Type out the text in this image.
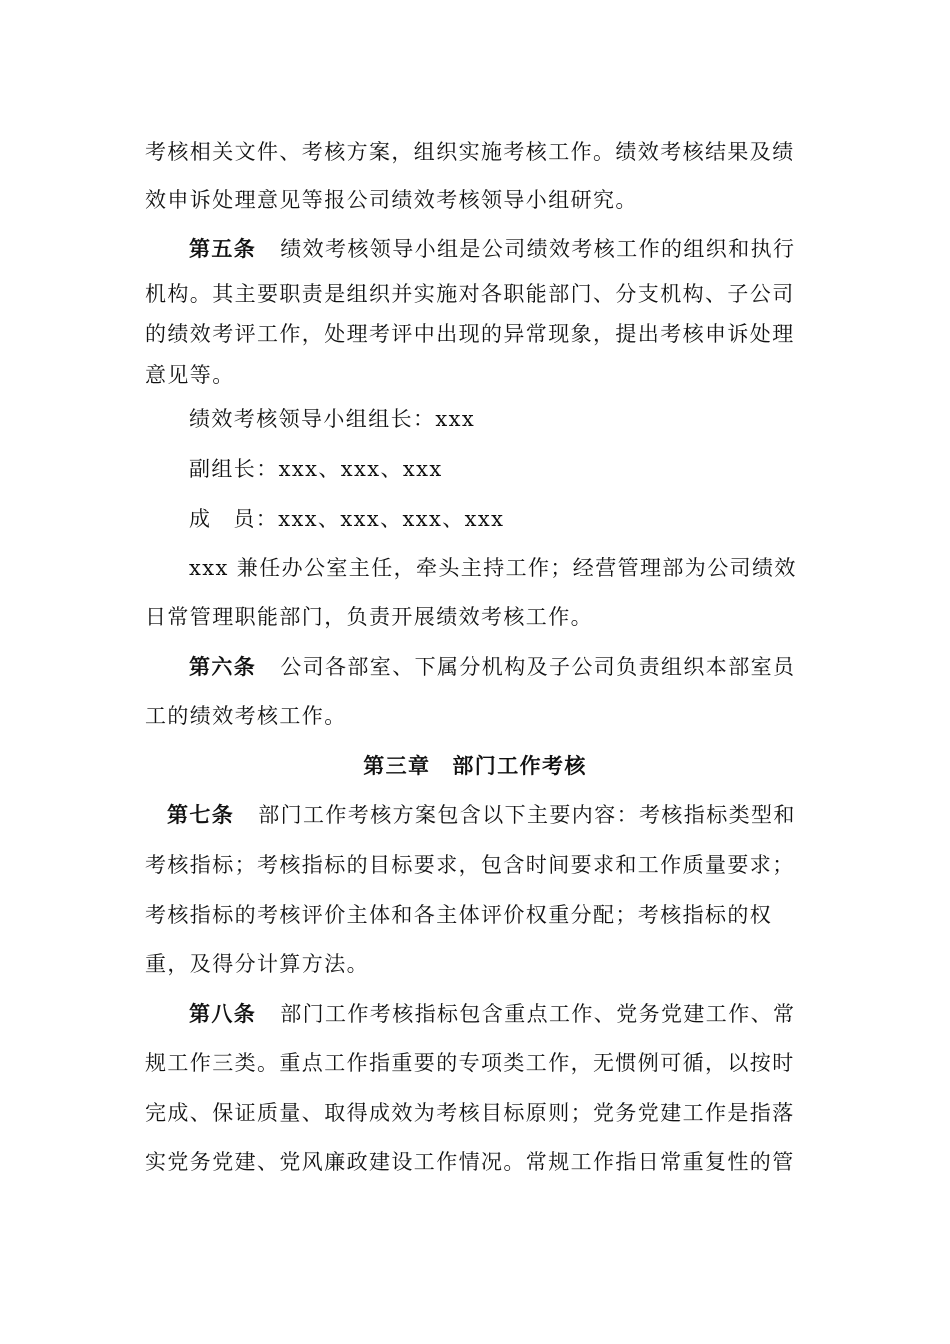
考核相关文件、考核方案，组织实施考核工作。绩效考核结果及绩
效申诉处理意见等报公司绩效考核领导小组研究。
第五条 绩效考核领导小组是公司绩效考核工作的组织和执行
机构。其主要职责是组织并实施对各职能部门、分支机构、子公司
的绩效考评工作，处理考评中出现的异常现象，提出考核申诉处理
意见等。
绩效考核领导小组组长：xxx
副组长：xxx、xxx、xxx
成 员：xxx、xxx、xxx、xxx
xxx 兼任办公室主任，牵头主持工作；经营管理部为公司绩效
日常管理职能部门，负责开展绩效考核工作。
第六条 公司各部室、下属分机构及子公司负责组织本部室员
工的绩效考核工作。
第三章 部门工作考核
第七条 部门工作考核方案包含以下主要内容：考核指标类型和
考核指标；考核指标的目标要求，包含时间要求和工作质量要求；
考核指标的考核评价主体和各主体评价权重分配；考核指标的权
重，及得分计算方法。
第八条 部门工作考核指标包含重点工作、党务党建工作、常
规工作三类。重点工作指重要的专项类工作，无惯例可循，以按时
完成、保证质量、取得成效为考核目标原则；党务党建工作是指落
实党务党建、党风廉政建设工作情况。常规工作指日常重复性的管
